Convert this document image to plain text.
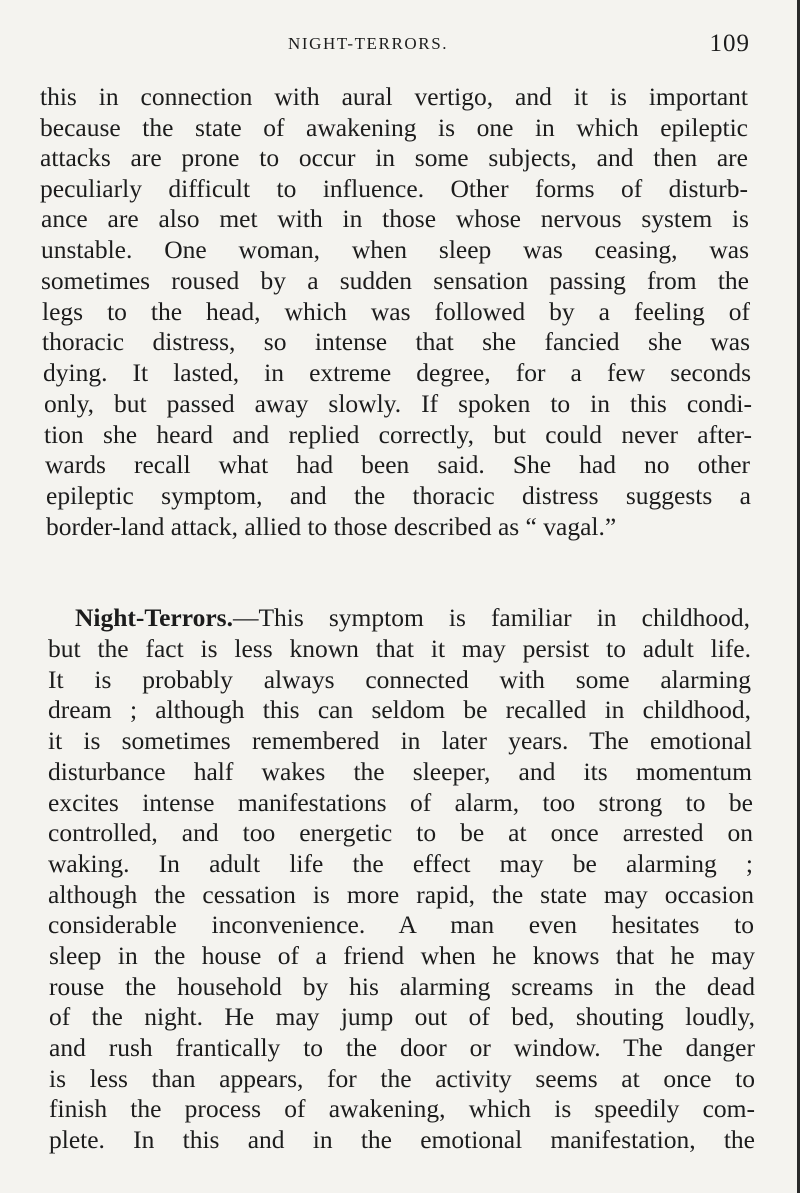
NIGHT-TERRORS.	109
this in connection with aural vertigo, and it is important
because the state of awakening is one in which epileptic
attacks are prone to occur in some subjects, and then are
peculiarly difficult to influence. Other forms of disturb-
ance are also met with in those whose nervous system is
unstable. One woman, when sleep was ceasing, was
sometimes roused by a sudden sensation passing from the
legs to the head, which was followed by a feeling of
thoracic distress, so intense that she fancied she was
dying. It lasted, in extreme degree, for a few seconds
only, but passed away slowly. If spoken to in this condi-
tion she heard and replied correctly, but could never after-
wards recall what had been said. She had no other
epileptic symptom, and the thoracic distress suggests a
border-land attack, allied to those described as “ vagal.”
Night-Terrors.—This symptom is familiar in childhood,
but the fact is less known that it may persist to adult life.
It is probably always connected with some alarming
dream ; although this can seldom be recalled in childhood,
it is sometimes remembered in later years. The emotional
disturbance half wakes the sleeper, and its momentum
excites intense manifestations of alarm, too strong to be
controlled, and too energetic to be at once arrested on
waking. In adult life the effect may be alarming ;
although the cessation is more rapid, the state may occasion
considerable inconvenience. A man even hesitates to
sleep in the house of a friend when he knows that he may
rouse the household by his alarming screams in the dead
of the night. He may jump out of bed, shouting loudly,
and rush frantically to the door or window. The danger
is less than appears, for the activity seems at once to
finish the process of awakening, which is speedily com-
plete. In this and in the emotional manifestation, the
